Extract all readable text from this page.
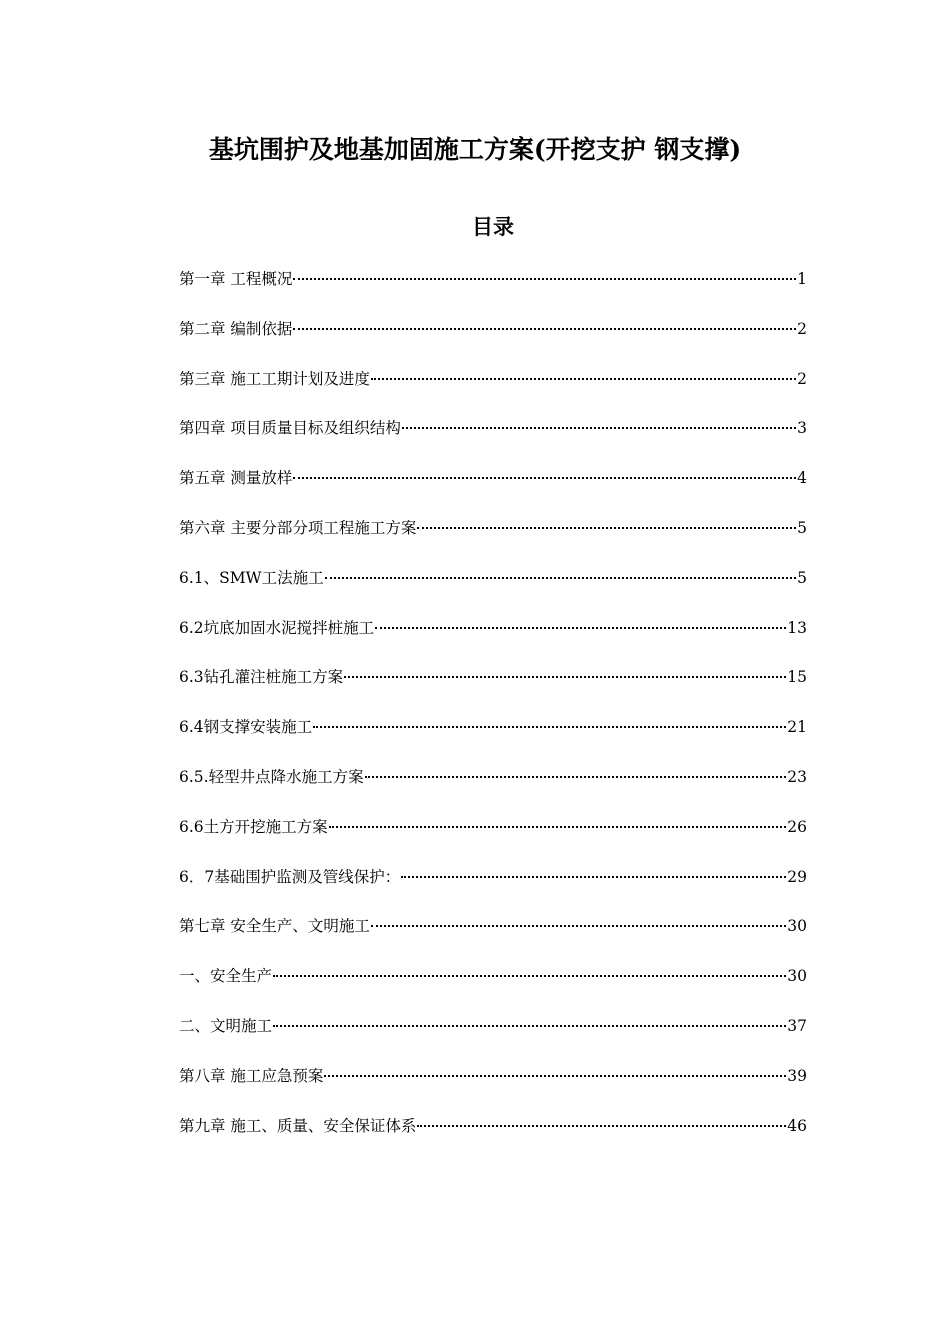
基坑围护及地基加固施工方案(开挖支护 钢支撑)
目录
第一章 工程概况	1
第二章 编制依据	2
第三章 施工工期计划及进度	2
第四章 项目质量目标及组织结构	3
第五章 测量放样	4
第六章 主要分部分项工程施工方案	5
6.1、SMW工法施工	5
6.2坑底加固水泥搅拌桩施工	13
6.3钻孔灌注桩施工方案	15
6.4钢支撑安装施工	21
6.5.轻型井点降水施工方案	23
6.6土方开挖施工方案	26
6．7基础围护监测及管线保护：	29
第七章 安全生产、文明施工	30
一、安全生产	30
二、文明施工	37
第八章 施工应急预案	39
第九章 施工、质量、安全保证体系	46
